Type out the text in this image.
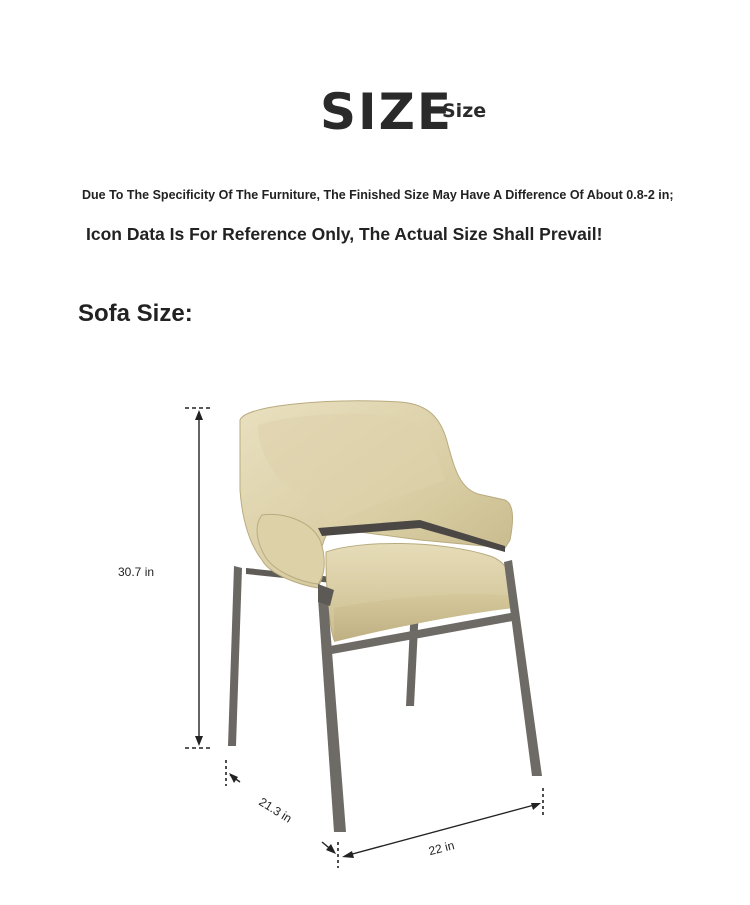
SIZE
Size
Due To The Specificity Of The Furniture, The Finished Size May Have A Difference Of About 0.8-2 in;
Icon Data Is For Reference Only, The Actual Size Shall Prevail!
Sofa Size:
30.7 in
21.3 in
22 in
